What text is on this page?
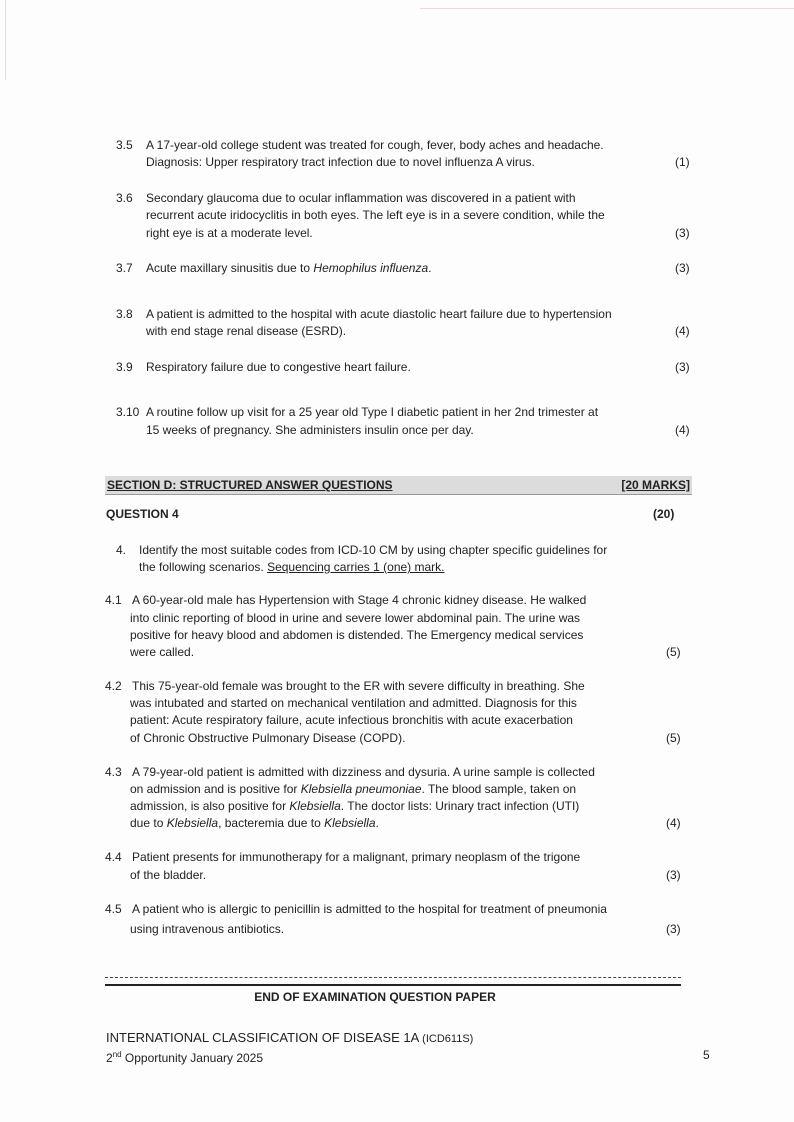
SECTION D: STRUCTURED ANSWER QUESTIONS	[20 MARKS]
QUESTION 4	(20)
4. Identify the most suitable codes from ICD-10 CM by using chapter specific guidelines for
the following scenarios. Sequencing carries 1 (one) mark.
END OF EXAMINATION QUESTION PAPER
INTERNATIONAL CLASSIFICATION OF DISEASE 1A (ICD611S)
2nd Opportunity January 2025	5
3.5 A 17-year-old college student was treated for cough, fever, body aches and headache.
Diagnosis: Upper respiratory tract infection due to novel influenza A virus.	(1)
3.6 Secondary glaucoma due to ocular inflammation was discovered in a patient with
recurrent acute iridocyclitis in both eyes. The left eye is in a severe condition, while the
right eye is at a moderate level.	(3)
3.7 Acute maxillary sinusitis due to Hemophilus influenza.	(3)
3.8 A patient is admitted to the hospital with acute diastolic heart failure due to hypertension
with end stage renal disease (ESRD).	(4)
3.9 Respiratory failure due to congestive heart failure.	(3)
3.10 A routine follow up visit for a 25 year old Type I diabetic patient in her 2nd trimester at
15 weeks of pregnancy. She administers insulin once per day.	(4)
4.1 A 60-year-old male has Hypertension with Stage 4 chronic kidney disease. He walked
into clinic reporting of blood in urine and severe lower abdominal pain. The urine was
positive for heavy blood and abdomen is distended. The Emergency medical services
were called.	(5)
4.2 This 75-year-old female was brought to the ER with severe difficulty in breathing. She
was intubated and started on mechanical ventilation and admitted. Diagnosis for this
patient: Acute respiratory failure, acute infectious bronchitis with acute exacerbation
of Chronic Obstructive Pulmonary Disease (COPD).	(5)
4.3 A 79-year-old patient is admitted with dizziness and dysuria. A urine sample is collected
on admission and is positive for Klebsiella pneumoniae. The blood sample, taken on
admission, is also positive for Klebsiella. The doctor lists: Urinary tract infection (UTI)
due to Klebsiella, bacteremia due to Klebsiella.	(4)
4.4 Patient presents for immunotherapy for a malignant, primary neoplasm of the trigone
of the bladder.	(3)
4.5 A patient who is allergic to penicillin is admitted to the hospital for treatment of pneumonia
using intravenous antibiotics.	(3)
